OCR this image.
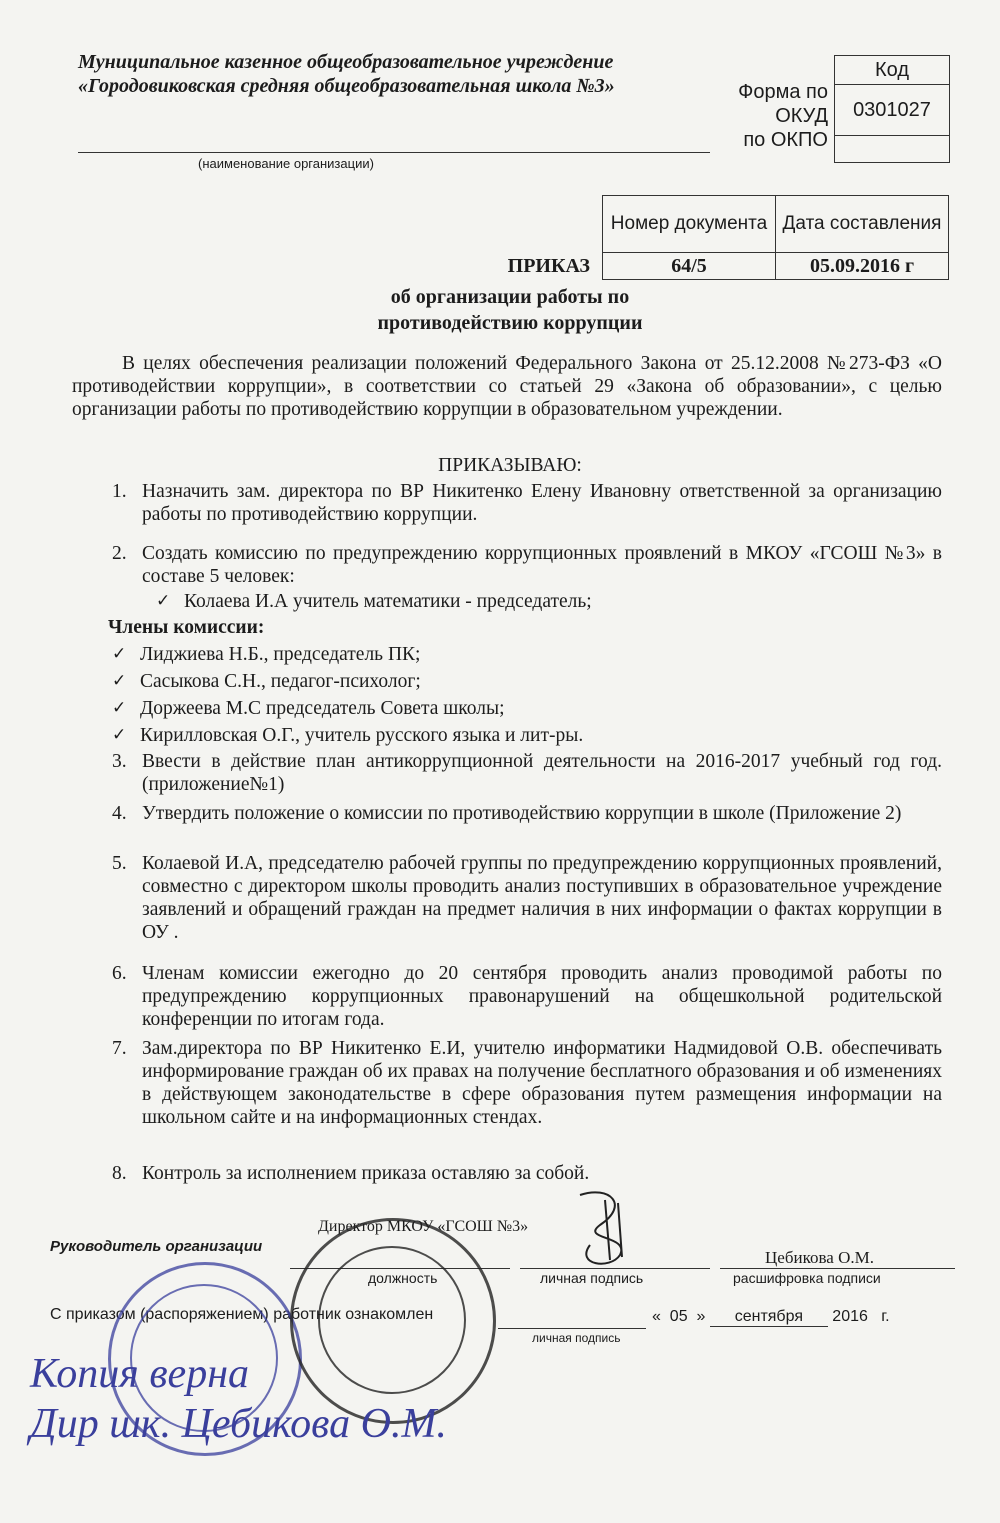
Муниципальное казенное общеобразовательное учреждение
«Городовиковская средняя общеобразовательная школа №3»
(наименование организации)
Форма по
ОКУД
по ОКПО
Код
0301027

Номер документа	Дата составления
64/5	05.09.2016 г
ПРИКАЗ
об организации работы по
противодействию коррупции
В целях обеспечения реализации положений Федерального Закона от 25.12.2008 №273-ФЗ «О противодействии коррупции», в соответствии со статьей 29 «Закона об образовании», с целью организации работы по противодействию коррупции в образовательном учреждении.
ПРИКАЗЫВАЮ:
1. Назначить зам. директора по ВР Никитенко Елену Ивановну ответственной за организацию работы по противодействию коррупции.
2. Создать комиссию по предупреждению коррупционных проявлений в МКОУ «ГСОШ №3» в составе 5 человек:
✓ Колаева И.А учитель математики - председатель;
Члены комиссии:
✓ Лиджиева Н.Б., председатель ПК;
✓ Сасыкова С.Н., педагог-психолог;
✓ Доржеева М.С председатель Совета школы;
✓ Кирилловская О.Г., учитель русского языка и лит-ры.
3. Ввести в действие план антикоррупционной деятельности на 2016-2017 учебный год год.(приложение№1)
4. Утвердить положение о комиссии по противодействию коррупции в школе (Приложение 2)
5. Колаевой И.А, председателю рабочей группы по предупреждению коррупционных проявлений, совместно с директором школы проводить анализ поступивших в образовательное учреждение заявлений и обращений граждан на предмет наличия в них информации о фактах коррупции в ОУ .
6. Членам комиссии ежегодно до 20 сентября проводить анализ проводимой работы по предупреждению коррупционных правонарушений на общешкольной родительской конференции по итогам года.
7. Зам.директора по ВР Никитенко Е.И, учителю информатики Надмидовой О.В. обеспечивать информирование граждан об их правах на получение бесплатного образования и об изменениях в действующем законодательстве в сфере образования путем размещения информации на школьном сайте и на информационных стендах.
8. Контроль за исполнением приказа оставляю за собой.
Руководитель организации
Директор МКОУ «ГСОШ №3»
должность	личная подпись
Цебикова О.М.
расшифровка подписи
С приказом (распоряжением) работник ознакомлен
личная подпись
« 05 » сентября 2016 г.
Копия верна
Дир шк. Цебикова О.М.
